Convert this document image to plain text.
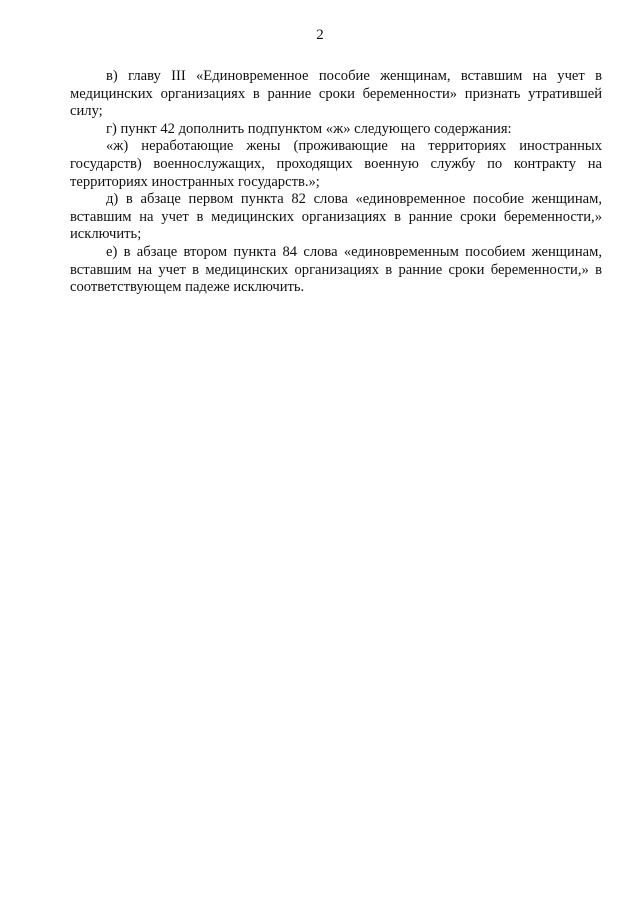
2

в) главу III «Единовременное пособие женщинам, вставшим на учет в медицинских организациях в ранние сроки беременности» признать утратившей силу;

г) пункт 42 дополнить подпунктом «ж» следующего содержания:

«ж) неработающие жены (проживающие на территориях иностранных государств) военнослужащих, проходящих военную службу по контракту на территориях иностранных государств.»;

д) в абзаце первом пункта 82 слова «единовременное пособие женщинам, вставшим на учет в медицинских организациях в ранние сроки беременности,» исключить;

е) в абзаце втором пункта 84 слова «единовременным пособием женщинам, вставшим на учет в медицинских организациях в ранние сроки беременности,» в соответствующем падеже исключить.
